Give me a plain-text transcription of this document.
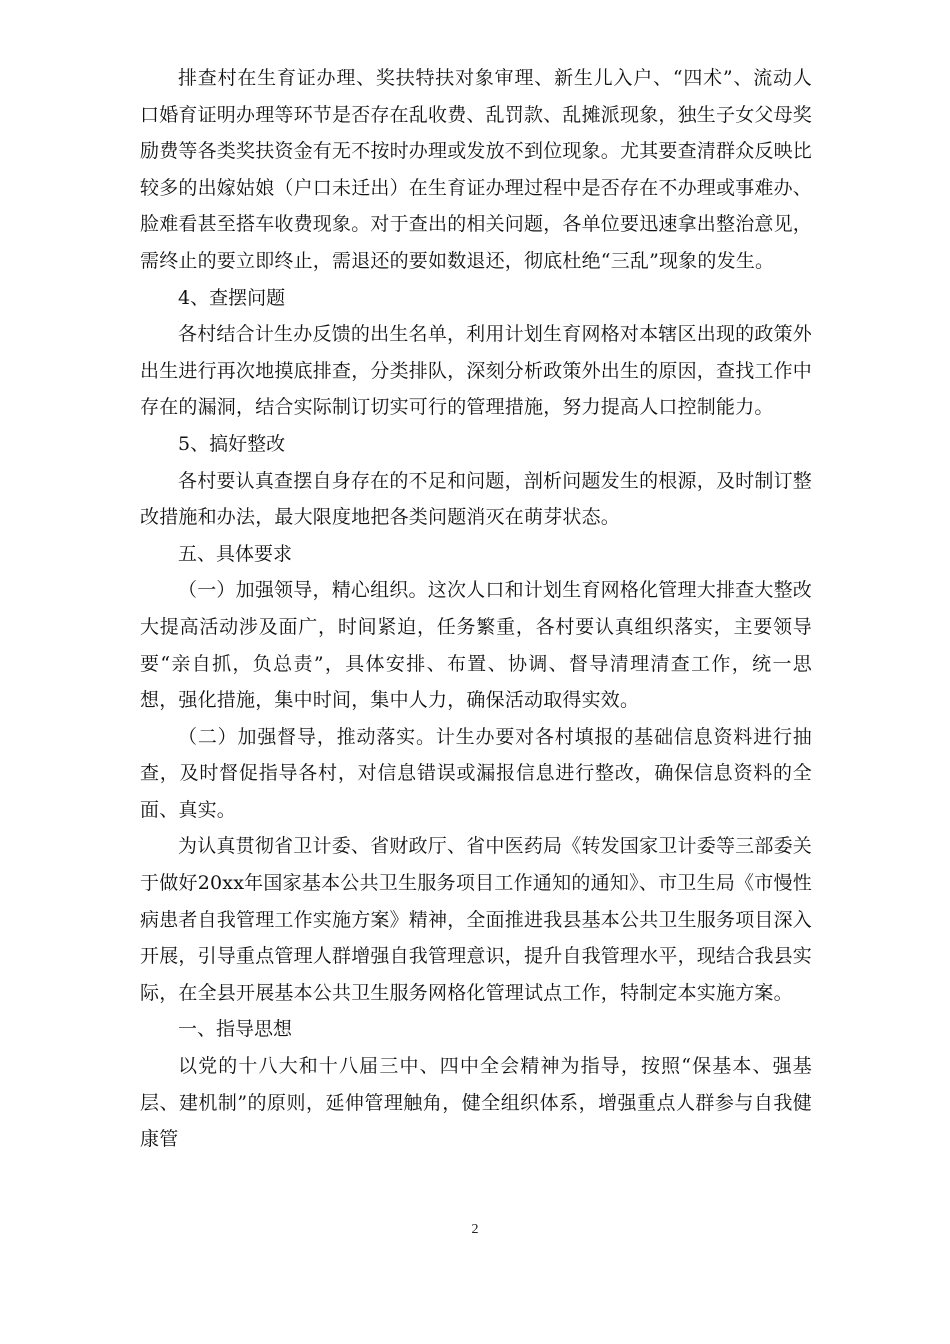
排查村在生育证办理、奖扶特扶对象审理、新生儿入户、“四术”、流动人口婚育证明办理等环节是否存在乱收费、乱罚款、乱摊派现象，独生子女父母奖励费等各类奖扶资金有无不按时办理或发放不到位现象。尤其要查清群众反映比较多的出嫁姑娘（户口未迁出）在生育证办理过程中是否存在不办理或事难办、脸难看甚至搭车收费现象。对于查出的相关问题，各单位要迅速拿出整治意见，需终止的要立即终止，需退还的要如数退还，彻底杜绝“三乱”现象的发生。

4、查摆问题

各村结合计生办反馈的出生名单，利用计划生育网格对本辖区出现的政策外出生进行再次地摸底排查，分类排队，深刻分析政策外出生的原因，查找工作中存在的漏洞，结合实际制订切实可行的管理措施，努力提高人口控制能力。

5、搞好整改

各村要认真查摆自身存在的不足和问题，剖析问题发生的根源，及时制订整改措施和办法，最大限度地把各类问题消灭在萌芽状态。

五、具体要求

（一）加强领导，精心组织。这次人口和计划生育网格化管理大排查大整改大提高活动涉及面广，时间紧迫，任务繁重，各村要认真组织落实，主要领导要“亲自抓，负总责”，具体安排、布置、协调、督导清理清查工作，统一思想，强化措施，集中时间，集中人力，确保活动取得实效。

（二）加强督导，推动落实。计生办要对各村填报的基础信息资料进行抽查，及时督促指导各村，对信息错误或漏报信息进行整改，确保信息资料的全面、真实。

为认真贯彻省卫计委、省财政厅、省中医药局《转发国家卫计委等三部委关于做好20xx年国家基本公共卫生服务项目工作通知的通知》、市卫生局《市慢性病患者自我管理工作实施方案》精神，全面推进我县基本公共卫生服务项目深入开展，引导重点管理人群增强自我管理意识，提升自我管理水平，现结合我县实际，在全县开展基本公共卫生服务网格化管理试点工作，特制定本实施方案。

一、指导思想

以党的十八大和十八届三中、四中全会精神为指导，按照“保基本、强基层、建机制”的原则，延伸管理触角，健全组织体系，增强重点人群参与自我健康管

2
